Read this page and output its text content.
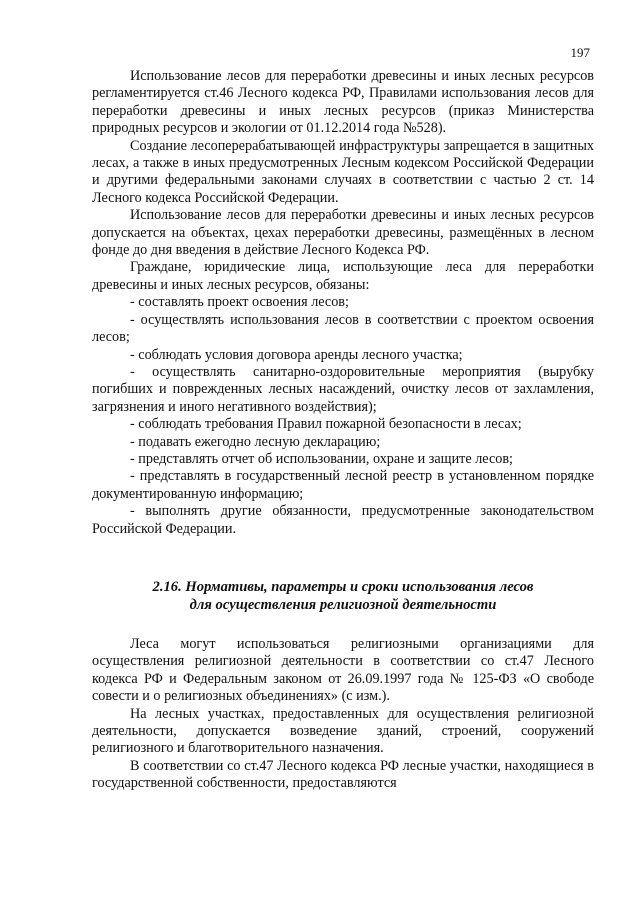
197

Использование лесов для переработки древесины и иных лесных ресурсов регламентируется ст.46 Лесного кодекса РФ, Правилами использования лесов для переработки древесины и иных лесных ресурсов (приказ Министерства природных ресурсов и экологии от 01.12.2014 года №528).

Создание лесоперерабатывающей инфраструктуры запрещается в защитных лесах, а также в иных предусмотренных Лесным кодексом Российской Федерации и другими федеральными законами случаях в соответствии с частью 2 ст. 14 Лесного кодекса Российской Федерации.

Использование лесов для переработки древесины и иных лесных ресурсов допускается на объектах, цехах переработки древесины, размещённых в лесном фонде до дня введения в действие Лесного Кодекса РФ.

Граждане, юридические лица, использующие леса для переработки древесины и иных лесных ресурсов, обязаны:

- составлять проект освоения лесов;

- осуществлять использования лесов в соответствии с проектом освоения лесов;

- соблюдать условия договора аренды лесного участка;

- осуществлять санитарно-оздоровительные мероприятия (вырубку погибших и поврежденных лесных насаждений, очистку лесов от захламления, загрязнения и иного негативного воздействия);

- соблюдать требования Правил пожарной безопасности в лесах;

- подавать ежегодно лесную декларацию;

- представлять отчет об использовании, охране и защите лесов;

- представлять в государственный лесной реестр в установленном порядке документированную информацию;

- выполнять другие обязанности, предусмотренные законодательством Российской Федерации.

2.16. Нормативы, параметры и сроки использования лесов
для осуществления религиозной деятельности

Леса могут использоваться религиозными организациями для осуществления религиозной деятельности в соответствии со ст.47 Лесного кодекса РФ и Федеральным законом от 26.09.1997 года № 125-ФЗ «О свободе совести и о религиозных объединениях» (с изм.).

На лесных участках, предоставленных для осуществления религиозной деятельности, допускается возведение зданий, строений, сооружений религиозного и благотворительного назначения.

В соответствии со ст.47 Лесного кодекса РФ лесные участки, находящиеся в государственной собственности, предоставляются
